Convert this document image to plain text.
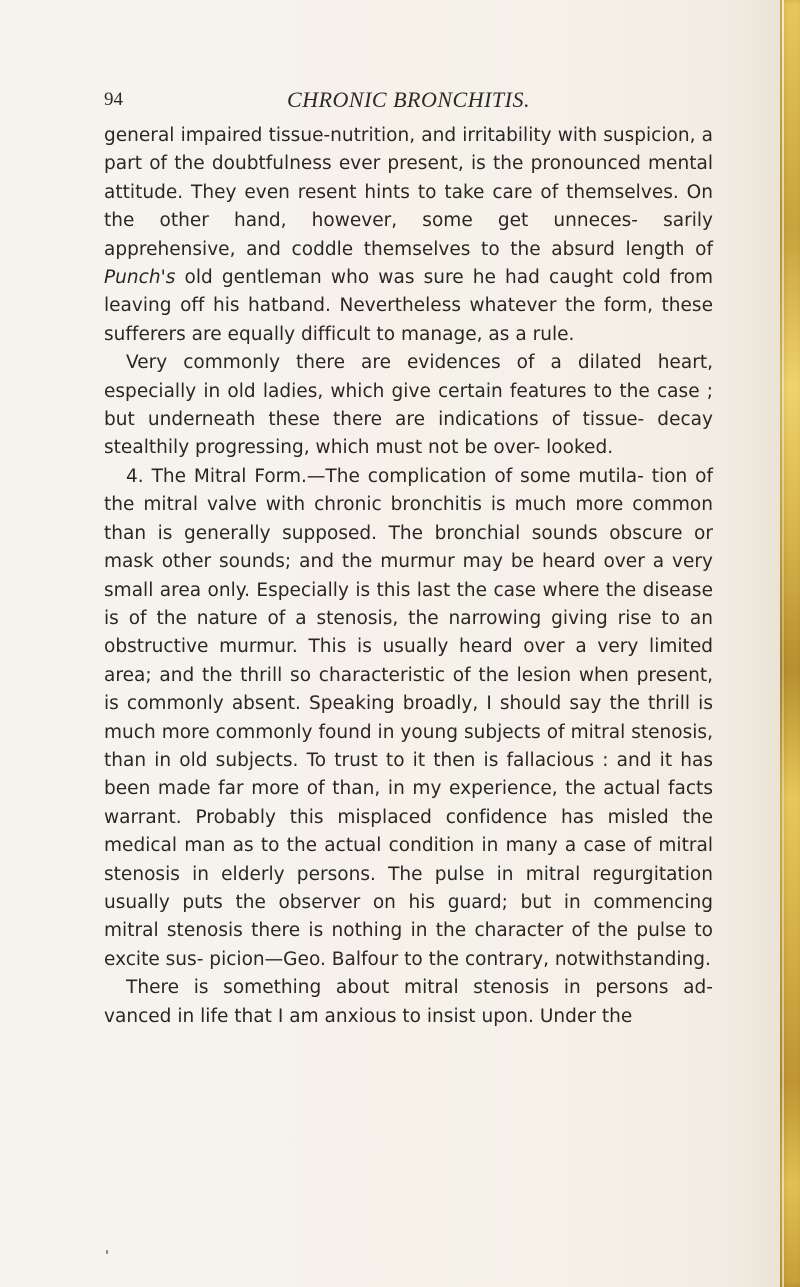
94	CHRONIC BRONCHITIS.

general impaired tissue-nutrition, and irritability with suspicion, a part of the doubtfulness ever present, is the pronounced mental attitude. They even resent hints to take care of themselves. On the other hand, however, some get unneces- sarily apprehensive, and coddle themselves to the absurd length of Punch's old gentleman who was sure he had caught cold from leaving off his hatband. Nevertheless whatever the form, these sufferers are equally difficult to manage, as a rule.

Very commonly there are evidences of a dilated heart, especially in old ladies, which give certain features to the case ; but underneath these there are indications of tissue- decay stealthily progressing, which must not be over- looked.

4. The Mitral Form.—The complication of some mutila- tion of the mitral valve with chronic bronchitis is much more common than is generally supposed. The bronchial sounds obscure or mask other sounds; and the murmur may be heard over a very small area only. Especially is this last the case where the disease is of the nature of a stenosis, the narrowing giving rise to an obstructive murmur. This is usually heard over a very limited area; and the thrill so characteristic of the lesion when present, is commonly absent. Speaking broadly, I should say the thrill is much more commonly found in young subjects of mitral stenosis, than in old subjects. To trust to it then is fallacious : and it has been made far more of than, in my experience, the actual facts warrant. Probably this misplaced confidence has misled the medical man as to the actual condition in many a case of mitral stenosis in elderly persons. The pulse in mitral regurgitation usually puts the observer on his guard; but in commencing mitral stenosis there is nothing in the character of the pulse to excite sus- picion—Geo. Balfour to the contrary, notwithstanding.

There is something about mitral stenosis in persons ad- vanced in life that I am anxious to insist upon. Under the
